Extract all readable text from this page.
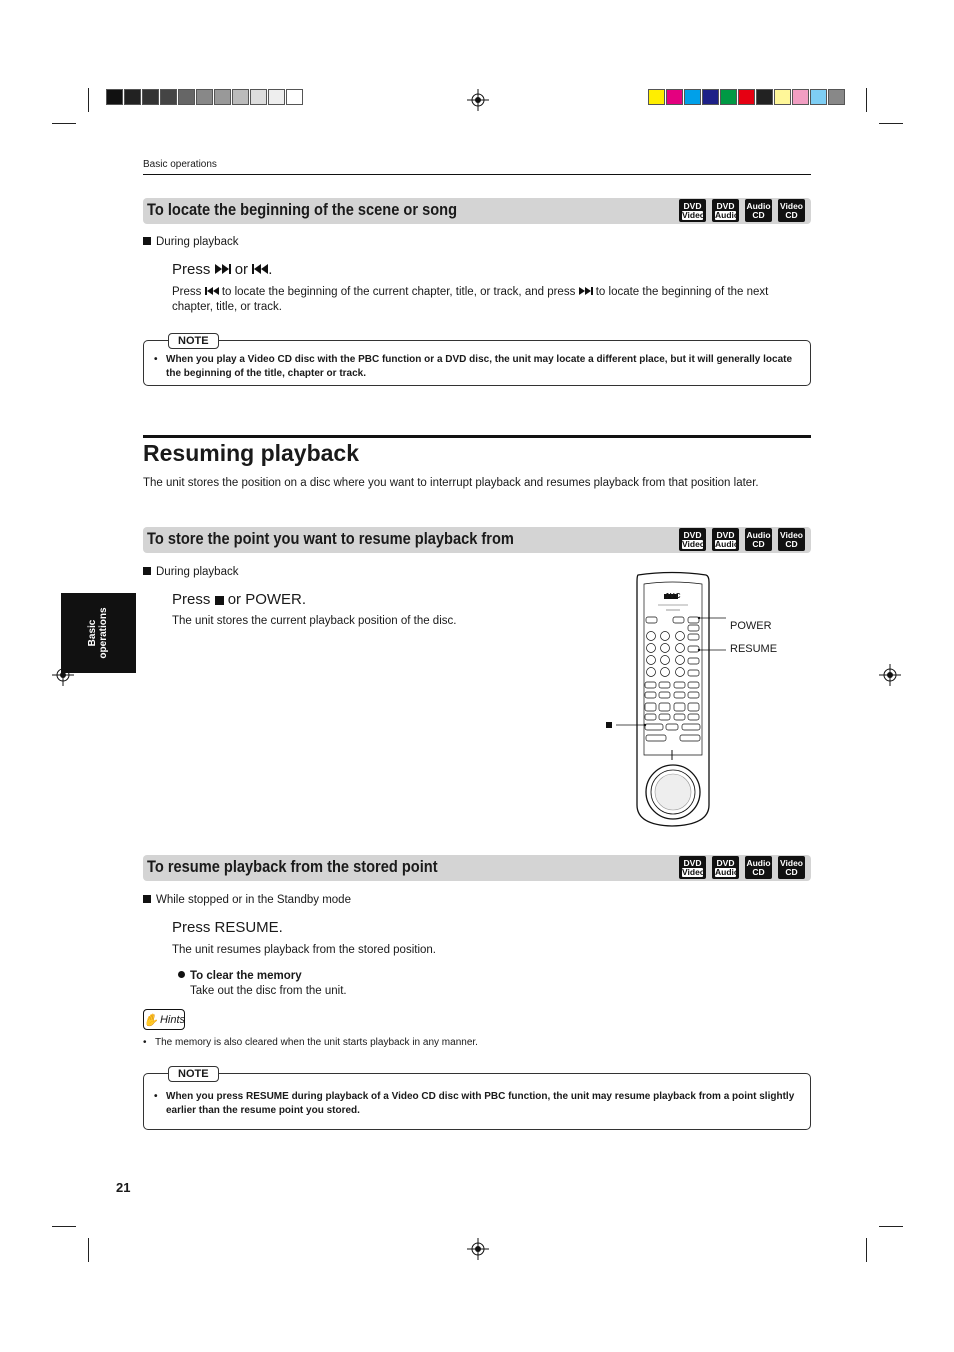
Basic operations
Basic operations
To locate the beginning of the scene or song	DVD
Video
DVD
Audio
Audio
CD
Video
CD
During playback
Press or .
Press to locate the beginning of the current chapter, title, or track, and press to locate the beginning of the next chapter, title, or track.
NOTE
• When you play a Video CD disc with the PBC function or a DVD disc, the unit may locate a different place, but it will generally locate the beginning of the title, chapter or track.
Resuming playback
The unit stores the position on a disc where you want to interrupt playback and resumes playback from that position later.
To store the point you want to resume playback from	DVD
Video
DVD
Audio
Audio
CD
Video
CD
During playback
Press or POWER.
The unit stores the current playback position of the disc.
JVC
POWER
RESUME
To resume playback from the stored point	DVD
Video
DVD
Audio
Audio
CD
Video
CD
While stopped or in the Standby mode
Press RESUME.
The unit resumes playback from the stored position.
To clear the memory
Take out the disc from the unit.
✋ Hints
• The memory is also cleared when the unit starts playback in any manner.
NOTE
• When you press RESUME during playback of a Video CD disc with PBC function, the unit may resume playback from a point slightly earlier than the resume point you stored.
21
